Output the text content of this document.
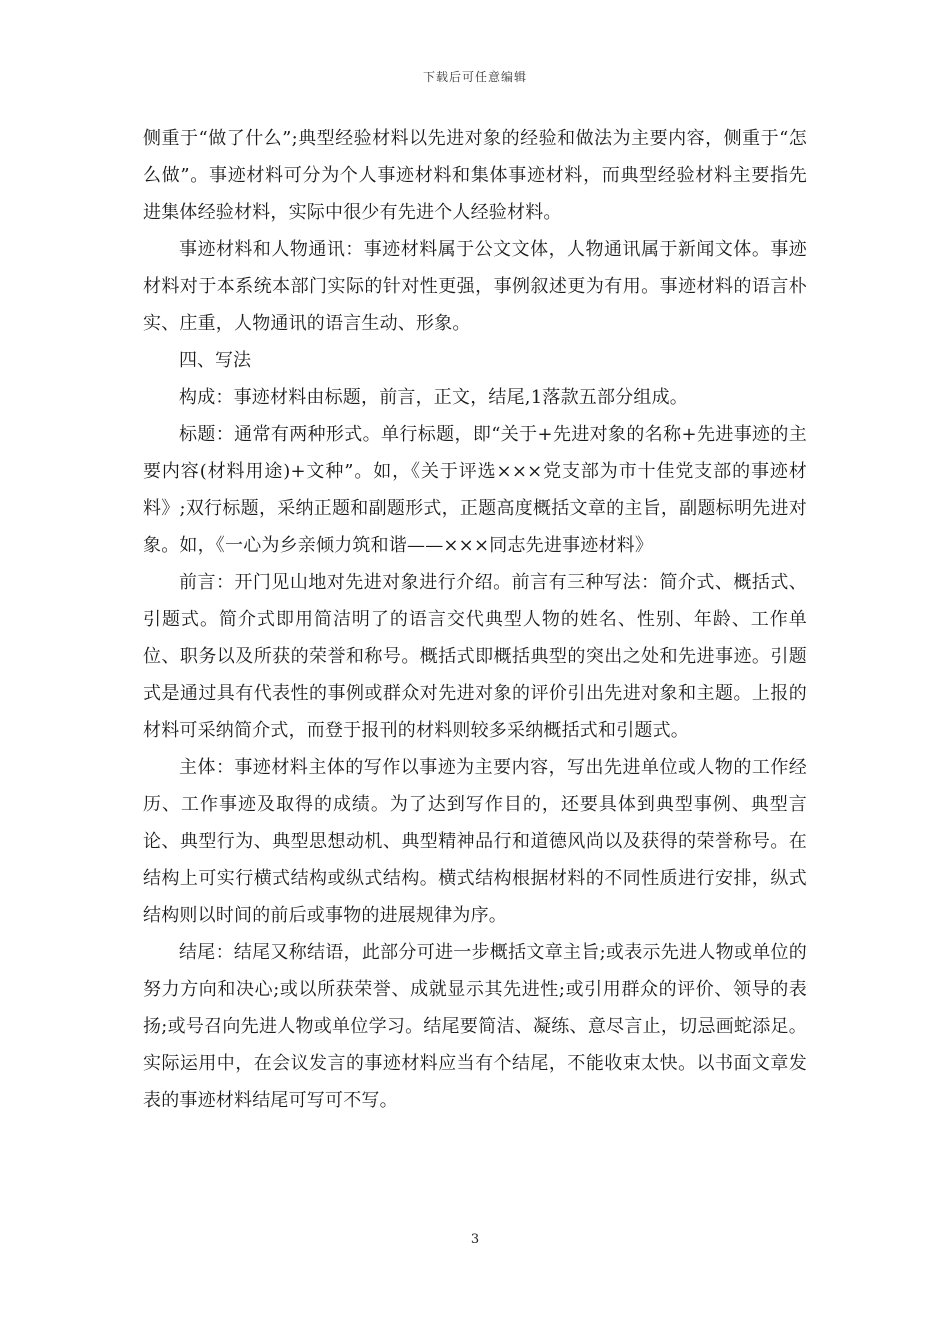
下载后可任意编辑

侧重于“做了什么”;典型经验材料以先进对象的经验和做法为主要内容，侧重于“怎么做”。事迹材料可分为个人事迹材料和集体事迹材料，而典型经验材料主要指先进集体经验材料，实际中很少有先进个人经验材料。

事迹材料和人物通讯：事迹材料属于公文文体，人物通讯属于新闻文体。事迹材料对于本系统本部门实际的针对性更强，事例叙述更为有用。事迹材料的语言朴实、庄重，人物通讯的语言生动、形象。

四、写法

构成：事迹材料由标题，前言，正文，结尾,1落款五部分组成。

标题：通常有两种形式。单行标题，即“关于+先进对象的名称+先进事迹的主要内容(材料用途)+文种”。如，《关于评选×××党支部为市十佳党支部的事迹材料》;双行标题，采纳正题和副题形式，正题高度概括文章的主旨，副题标明先进对象。如，《一心为乡亲倾力筑和谐——×××同志先进事迹材料》

前言：开门见山地对先进对象进行介绍。前言有三种写法：简介式、概括式、引题式。简介式即用简洁明了的语言交代典型人物的姓名、性别、年龄、工作单位、职务以及所获的荣誉和称号。概括式即概括典型的突出之处和先进事迹。引题式是通过具有代表性的事例或群众对先进对象的评价引出先进对象和主题。上报的材料可采纳简介式，而登于报刊的材料则较多采纳概括式和引题式。

主体：事迹材料主体的写作以事迹为主要内容，写出先进单位或人物的工作经历、工作事迹及取得的成绩。为了达到写作目的，还要具体到典型事例、典型言论、典型行为、典型思想动机、典型精神品行和道德风尚以及获得的荣誉称号。在结构上可实行横式结构或纵式结构。横式结构根据材料的不同性质进行安排，纵式结构则以时间的前后或事物的进展规律为序。

结尾：结尾又称结语，此部分可进一步概括文章主旨;或表示先进人物或单位的努力方向和决心;或以所获荣誉、成就显示其先进性;或引用群众的评价、领导的表扬;或号召向先进人物或单位学习。结尾要简洁、凝练、意尽言止，切忌画蛇添足。实际运用中，在会议发言的事迹材料应当有个结尾，不能收束太快。以书面文章发表的事迹材料结尾可写可不写。

3
